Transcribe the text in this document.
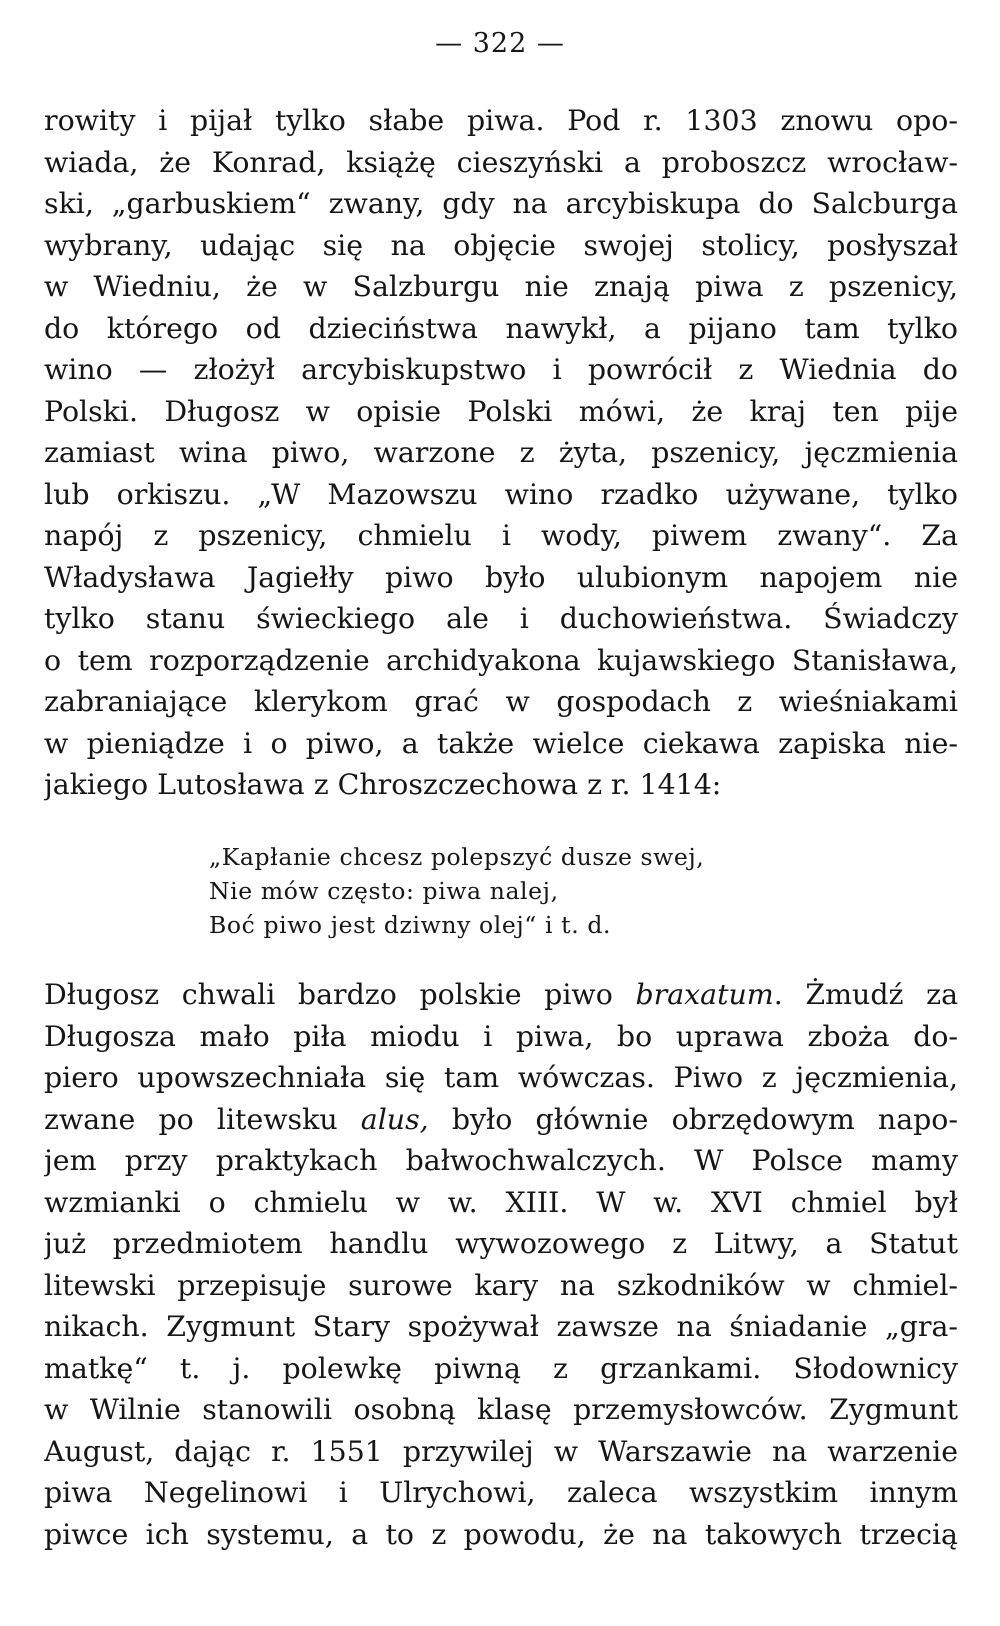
— 322 —
rowity i pijał tylko słabe piwa. Pod r. 1303 znowu opo-
wiada, że Konrad, książę cieszyński a proboszcz wrocław-
ski, „garbuskiem“ zwany, gdy na arcybiskupa do Salcburga
wybrany, udając się na objęcie swojej stolicy, posłyszał
w Wiedniu, że w Salzburgu nie znają piwa z pszenicy,
do którego od dzieciństwa nawykł, a pijano tam tylko
wino — złożył arcybiskupstwo i powrócił z Wiednia do
Polski. Długosz w opisie Polski mówi, że kraj ten pije
zamiast wina piwo, warzone z żyta, pszenicy, jęczmienia
lub orkiszu. „W Mazowszu wino rzadko używane, tylko
napój z pszenicy, chmielu i wody, piwem zwany“. Za
Władysława Jagiełły piwo było ulubionym napojem nie
tylko stanu świeckiego ale i duchowieństwa. Świadczy
o tem rozporządzenie archidyakona kujawskiego Stanisława,
zabraniające klerykom grać w gospodach z wieśniakami
w pieniądze i o piwo, a także wielce ciekawa zapiska nie-
jakiego Lutosława z Chroszczechowa z r. 1414:
„Kapłanie chcesz polepszyć dusze swej,
Nie mów często: piwa nalej,
Boć piwo jest dziwny olej“ i t. d.
Długosz chwali bardzo polskie piwo braxatum. Żmudź za
Długosza mało piła miodu i piwa, bo uprawa zboża do-
piero upowszechniała się tam wówczas. Piwo z jęczmienia,
zwane po litewsku alus, było głównie obrzędowym napo-
jem przy praktykach bałwochwalczych. W Polsce mamy
wzmianki o chmielu w w. XIII. W w. XVI chmiel był
już przedmiotem handlu wywozowego z Litwy, a Statut
litewski przepisuje surowe kary na szkodników w chmiel-
nikach. Zygmunt Stary spożywał zawsze na śniadanie „gra-
matkę“ t. j. polewkę piwną z grzankami. Słodownicy
w Wilnie stanowili osobną klasę przemysłowców. Zygmunt
August, dając r. 1551 przywilej w Warszawie na warzenie
piwa Negelinowi i Ulrychowi, zaleca wszystkim innym
piwce ich systemu, a to z powodu, że na takowych trzecią
